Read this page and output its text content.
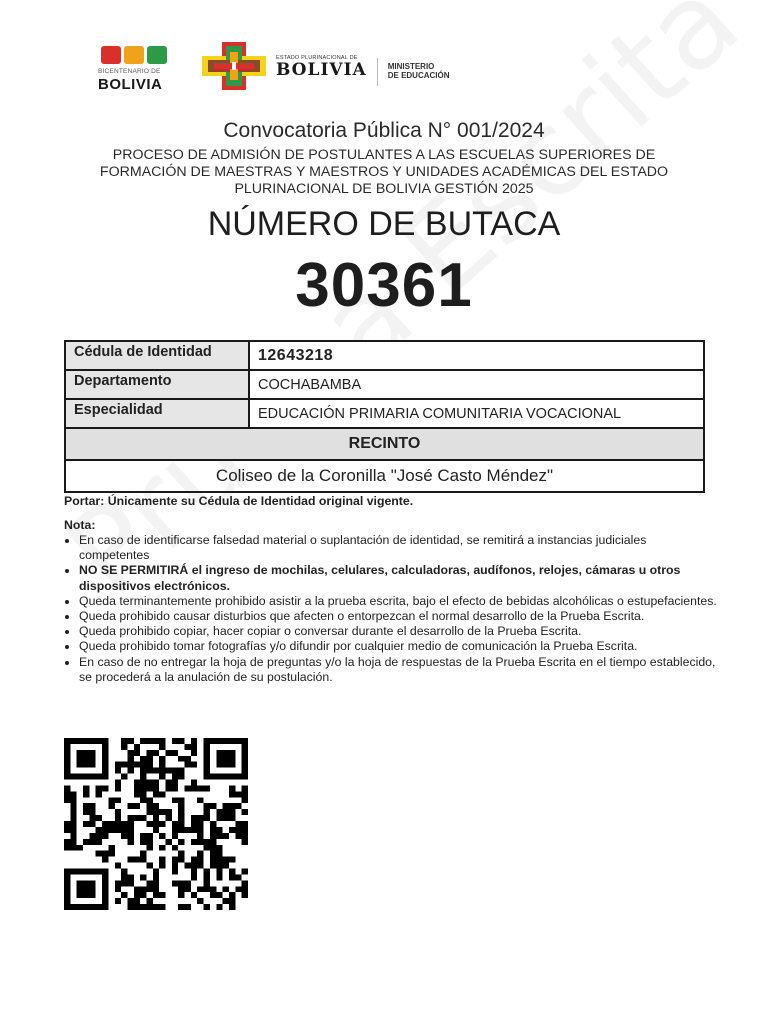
BICENTENARIO DE
BOLIVIA
ESTADO PLURINACIONAL DE
BOLIVIA	MINISTERIO
DE EDUCACIÓN
Convocatoria Pública N° 001/2024
PROCESO DE ADMISIÓN DE POSTULANTES A LAS ESCUELAS SUPERIORES DE FORMACIÓN DE MAESTRAS Y MAESTROS Y UNIDADES ACADÉMICAS DEL ESTADO PLURINACIONAL DE BOLIVIA GESTIÓN 2025
NÚMERO DE BUTACA
30361
Cédula de Identidad	12643218
Departamento	COCHABAMBA
Especialidad	EDUCACIÓN PRIMARIA COMUNITARIA VOCACIONAL
RECINTO	
Coliseo de la Coronilla "José Casto Méndez"	
Portar: Únicamente su Cédula de Identidad original vigente.
Nota:
• En caso de identificarse falsedad material o suplantación de identidad, se remitirá a instancias judiciales competentes
• NO SE PERMITIRÁ el ingreso de mochilas, celulares, calculadoras, audífonos, relojes, cámaras u otros dispositivos electrónicos.
• Queda terminantemente prohibido asistir a la prueba escrita, bajo el efecto de bebidas alcohólicas o estupefacientes.
• Queda prohibido causar disturbios que afecten o entorpezcan el normal desarrollo de la Prueba Escrita.
• Queda prohibido copiar, hacer copiar o conversar durante el desarrollo de la Prueba Escrita.
• Queda prohibido tomar fotografías y/o difundir por cualquier medio de comunicación la Prueba Escrita.
• En caso de no entregar la hoja de preguntas y/o la hoja de respuestas de la Prueba Escrita en el tiempo establecido, se procederá a la anulación de su postulación.
